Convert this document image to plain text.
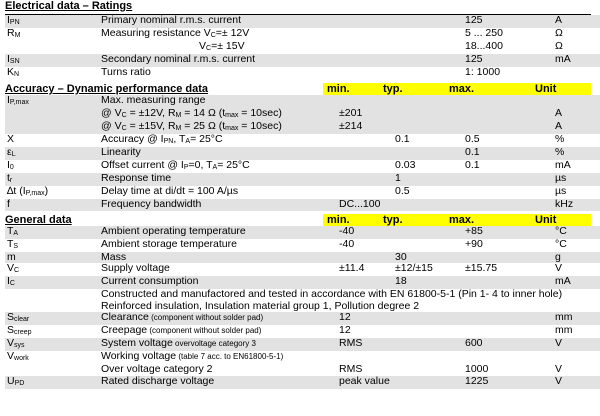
Electrical data – Ratings
IPN	Primary nominal r.m.s. current			125	A
RM	Measuring resistance VC=± 12V			5 ... 250	Ω
	VC=± 15V			18...400	Ω
ISN	Secondary nominal r.m.s. current			125	mA
KN	Turns ratio			1: 1000	
Accuracy – Dynamic performance data	min.	typ.	max.	Unit
IP,max	Max. measuring range				
	@ VC = ±12V, RM = 14 Ω (tmax = 10sec)	±201			A
	@ VC = ±15V, RM = 25 Ω (tmax = 10sec)	±214			A
X	Accuracy @ IPN, TA= 25°C		0.1	0.5	%
εL	Linearity			0.1	%
I0	Offset current @ IP=0, TA= 25°C		0.03	0.1	mA
tr	Response time		1		µs
∆t (IP,max)	Delay time at di/dt = 100 A/µs		0.5		µs
f	Frequency bandwidth	DC...100			kHz
General data	min.	typ.	max.	Unit
TA	Ambient operating temperature	-40		+85	°C
TS	Ambient storage temperature	-40		+90	°C
m	Mass		30		g
VC	Supply voltage	±11.4	±12/±15	±15.75	V
IC	Current consumption		18		mA
	Constructed and manufactored and tested in accordance with EN 61800-5-1 (Pin 1- 4 to inner hole)
	Reinforced insulation, Insulation material group 1, Pollution degree 2
Sclear	Clearance (component without solder pad)	12			mm
Screep	Creepage (component without solder pad)	12			mm
Vsys	System voltage overvoltage category 3	RMS		600	V
Vwork	Working voltage (table 7 acc. to EN61800-5-1)				
	Over voltage category 2	RMS		1000	V
UPD	Rated discharge voltage	peak value		1225	V
